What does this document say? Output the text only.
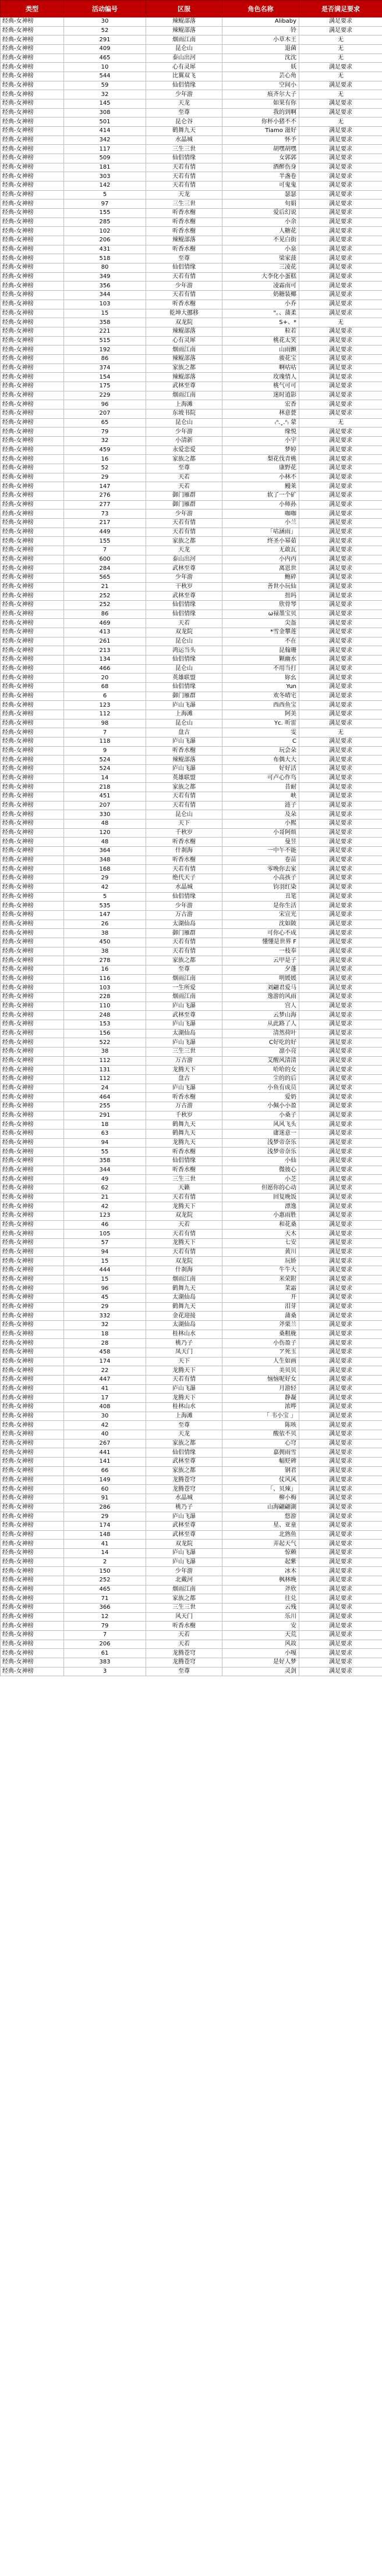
类型	活动编号	区服	角色名称	是否满足要求
经典-女神榜	30	辣鲲部落	Alibaby	满足要求
经典-女神榜	52	辣鲲部落	铃	满足要求
经典-女神榜	291	烟雨江南	小草木王	无
经典-女神榜	409	昆仑山	退菌	无
经典-女神榜	465	泰山出河	沈沈	无
经典-女神榜	10	心有灵犀	妖	满足要求
经典-女神榜	544	比翼双飞	芸心角	无
经典-女神榜	59	仙侣情缘	空间小	满足要求
经典-女神榜	32	少年游	痕齐尔大子	无
经典-女神榜	145	天龙	如果有你	满足要求
经典-女神榜	308	至尊	我的到啊	满足要求
经典-女神榜	501	昆仑谷	你杯小猪不不	无
经典-女神榜	414	鹤舞九天	Tiamo 滋好	满足要求
经典-女神榜	342	水晶城	怀予	满足要求
经典-女神榜	117	三生三世	胡嘿胡嘿	满足要求
经典-女神榜	509	仙侣情缘	女郭郭	满足要求
经典-女神榜	181	天若有情	酒醉伤身	满足要求
经典-女神榜	303	天若有情	半盏卷	满足要求
经典-女神榜	142	天若有情	可鬼鬼	满足要求
经典-女神榜	5	天龙	瑟瑟	满足要求
经典-女神榜	97	三生三世	旬娟	满足要求
经典-女神榜	155	听香水榭	爱后幻说	满足要求
经典-女神榜	285	听香水榭	小余	满足要求
经典-女神榜	102	听香水榭	人糖花	满足要求
经典-女神榜	206	辣鲲部落	不见白街	满足要求
经典-女神榜	431	听香水榭	小泉	满足要求
经典-女神榜	518	至尊	梁家菠	满足要求
经典-女神榜	80	仙侣情缘	三凌花	满足要求
经典-女神榜	349	天若有情	大李化小蛋糕	满足要求
经典-女神榜	356	少年游	凌霜南可	满足要求
经典-女神榜	344	天若有情	奶糖装椰	满足要求
经典-女神榜	103	听香水榭	小乔	满足要求
经典-女神榜	15	乾坤大挪移	"。、蒲柔	满足要求
经典-女神榜	358	双龙院	S+、*	无
经典-女神榜	221	辣鲲部落	粒若	满足要求
经典-女神榜	515	心有灵犀	桃花太笑	满足要求
经典-女神榜	192	烟雨江南	山雨颤	满足要求
经典-女神榜	86	辣鲲部落	骏花宝	满足要求
经典-女神榜	374	家族之都	啊咕咕	满足要求
经典-女神榜	154	辣鲲部落	玫瑰情人	满足要求
经典-女神榜	175	武林至尊	桃气可可	满足要求
经典-女神榜	229	烟雨江南	迷时逍影	满足要求
经典-女神榜	96	上海滩	宏香	满足要求
经典-女神榜	207	东坡书院	林意甍	满足要求
经典-女神榜	65	昆仑山	₍ᐢ.ˬ.ᐢ₎ 蒙	无
经典-女神榜	79	少年游	缘悦	满足要求
经典-女神榜	32	小清新	小宇	满足要求
经典-女神榜	459	永爱恋爱	梦婷	满足要求
经典-女神榜	16	家族之都	梨花伐青桃	满足要求
经典-女神榜	52	至尊	康野花	满足要求
经典-女神榜	29	天若	小林不	满足要求
经典-女神榜	147	天若	鳗莱	满足要求
经典-女神榜	276	御门雁群	软了一个矿	满足要求
经典-女神榜	277	御门雁群	小师孙	满足要求
经典-女神榜	73	少年游	咖咖	满足要求
经典-女神榜	217	天若有情	小兰	满足要求
经典-女神榜	449	天若有情	「咕涵雨」	满足要求
经典-女神榜	155	家族之都	终圣小幂茹	满足要求
经典-女神榜	7	天龙	无敢瓦	满足要求
经典-女神榜	600	泰山出河	小内丙	满足要求
经典-女神榜	284	武林至尊	离恩世	满足要求
经典-女神榜	565	少年游	鲍碎	满足要求
经典-女神榜	21	干秋岁	善世小玩仙	满足要求
经典-女神榜	252	武林至尊	扭吗	满足要求
经典-女神榜	252	仙侣情缘	欣骨琴	满足要求
经典-女神榜	86	仙侣情缘	ω禄墨宝贝	满足要求
经典-女神榜	469	天若	尖盔	满足要求
经典-女神榜	413	双龙院	*雪金攀莲	满足要求
经典-女神榜	261	昆仑山	不在	满足要求
经典-女神榜	213	鸿运当头	昆翰珊	满足要求
经典-女神榜	134	仙侣情缘	颗幽水	满足要求
经典-女神榜	466	昆仑山	不用当打	满足要求
经典-女神榜	20	英雄联盟	妳幺	满足要求
经典-女神榜	68	仙侣情缘	Yun	满足要求
经典-女神榜	6	御门雁群	欢冬晴宅	满足要求
经典-女神榜	123	庐山飞瀑	西西鱼宝	满足要求
经典-女神榜	112	上海滩	阿美	满足要求
经典-女神榜	98	昆仑山	Yc. 听雷	满足要求
经典-女神榜	7	盘古	雯	无
经典-女神榜	118	庐山飞瀑	C	满足要求
经典-女神榜	9	听香水榭	玩会朵	满足要求
经典-女神榜	524	辣鲲部落	布偶大大	满足要求
经典-女神榜	524	庐山飞瀑	好好活	满足要求
经典-女神榜	14	英雄联盟	可卢心作鸟	满足要求
经典-女神榜	218	家族之都	昔耐	满足要求
经典-女神榜	451	天若有情	峡	满足要求
经典-女神榜	207	天若有情	涟子	满足要求
经典-女神榜	330	昆仑山	及朵	满足要求
经典-女神榜	48	天下	小熙	满足要求
经典-女神榜	120	千秋岁	小哥阿烦	满足要求
经典-女神榜	48	听香水榭	曼昱	满足要求
经典-女神榜	364	什刹海	一中午不能	满足要求
经典-女神榜	348	听香水榭	卷苗	满足要求
经典-女神榜	168	天若有情	零晚你去家	满足要求
经典-女神榜	29	绝代天子	小高孩子	满足要求
经典-女神榜	42	水晶城	钧羽红染	满足要求
经典-女神榜	5	仙侣情缘	丑笔	满足要求
经典-女神榜	535	少年游	是你生活	满足要求
经典-女神榜	147	万古游	宋宣光	满足要求
经典-女神榜	26	太湖仙岛	沈如陂	满足要求
经典-女神榜	38	御门雁群	可你心不成	满足要求
经典-女神榜	450	天若有情	懂懂是世界 F	满足要求
经典-女神榜	38	天若有情	一枝奉	满足要求
经典-女神榜	278	家族之都	云甲是子	满足要求
经典-女神榜	16	至尊	夕蓬	满足要求
经典-女神榜	116	烟雨江南	明媛媛	满足要求
经典-女神榜	103	一生所爱	刘翩君爱马	满足要求
经典-女神榜	228	烟雨江南	逸游的风雨	满足要求
经典-女神榜	110	庐山飞瀑	宫人	满足要求
经典-女神榜	248	武林至尊	云梦山海	满足要求
经典-女神榜	153	庐山飞瀑	从此路了人	满足要求
经典-女神榜	156	太湖仙岛	清然荷叶	满足要求
经典-女神榜	522	庐山飞瀑	C好吃的好	满足要求
经典-女神榜	38	三生三世	凛小亮	满足要求
经典-女神榜	112	万古游	艾醒风清清	满足要求
经典-女神榜	131	龙腾天下	哈哈的女	满足要求
经典-女神榜	112	盘古	尘的的后	满足要求
经典-女神榜	24	庐山飞瀑	小鱼有成员	满足要求
经典-女神榜	464	听香水榭	爱奶	满足要求
经典-女神榜	255	万古游	小佩小小盈	满足要求
经典-女神榜	291	千秋岁	小桑子	满足要求
经典-女神榜	18	鹤舞九天	风风飞头	满足要求
经典-女神榜	63	鹤舞九天	庸迷意一	满足要求
经典-女神榜	94	龙腾九天	浅梦帝奈乐	满足要求
经典-女神榜	55	听香水榭	浅梦帝奈乐	满足要求
经典-女神榜	358	仙侣情缘	小仙	满足要求
经典-女神榜	344	听香水榭	微彼心	满足要求
经典-女神榜	49	三生三世	小芝	满足要求
经典-女神榜	62	天籁	但愿你的心动	满足要求
经典-女神榜	21	天若有情	回复晚饭	满足要求
经典-女神榜	42	龙腾天下	漂逸	满足要求
经典-女神榜	123	双龙院	小惠雨胜	满足要求
经典-女神榜	46	天若	和花桑	满足要求
经典-女神榜	105	天若有情	天木	满足要求
经典-女神榜	57	龙腾天下	七安	满足要求
经典-女神榜	94	天若有情	黄川	满足要求
经典-女神榜	15	双龙院	玩娇	满足要求
经典-女神榜	444	什刹海	牛牛大	满足要求
经典-女神榜	15	烟雨江南	米荣附	满足要求
经典-女神榜	96	鹤舞九天	茉霜	满足要求
经典-女神榜	45	太湖仙岛	开	满足要求
经典-女神榜	29	鹤舞九天	泪芽	满足要求
经典-女神榜	332	金花迎接	蒲桑	满足要求
经典-女神榜	32	太湖仙岛	斧栗兰	满足要求
经典-女神榜	18	桂林山水	桑粗栊	满足要求
经典-女神榜	28	桃乃子	小伤盈子	满足要求
经典-女神榜	458	凤天门	ア死玉	满足要求
经典-女神榜	174	天下	人生如画	满足要求
经典-女神榜	22	龙腾天下	美贝贝	满足要求
经典-女神榜	447	天若有情	恼恼呢好女	满足要求
经典-女神榜	41	庐山飞瀑	月游轻	满足要求
经典-女神榜	17	龙腾天下	静凝	满足要求
经典-女神榜	408	桂林山水	浓哗	满足要求
经典-女神榜	30	上海滩	「 韦小宝 」	满足要求
经典-女神榜	42	至尊	陈咳	满足要求
经典-女神榜	40	天龙	酸依不贝	满足要求
经典-女神榜	267	家族之都	心穹	满足要求
经典-女神榜	441	仙侣情缘	嘉拥雨雪	满足要求
经典-女神榜	141	武林至尊	幅贬碑	满足要求
经典-女神榜	66	家族之都	钢君	满足要求
经典-女神榜	149	龙腾苍穹	仗风风	满足要求
经典-女神榜	60	龙腾苍穹	「、贝辣」	满足要求
经典-女神榜	91	水晶城	柳小梅	满足要求
经典-女神榜	286	桃乃子	山海翩翩湖	满足要求
经典-女神榜	29	庐山飞瀑	悠游	满足要求
经典-女神榜	174	武林至尊	星、亚童	满足要求
经典-女神榜	148	武林至尊	北熟鱼	满足要求
经典-女神榜	41	双龙院	弄起天气	满足要求
经典-女神榜	14	庐山飞瀑	惊赖	满足要求
经典-女神榜	2	庐山飞瀑	起紫	满足要求
经典-女神榜	150	少年游	冰木	满足要求
经典-女神榜	252	北戴河	枫林晚	满足要求
经典-女神榜	465	烟雨江南	斧欣	满足要求
经典-女神榜	71	家族之都	往兑	满足要求
经典-女神榜	366	三生三世	云残	满足要求
经典-女神榜	12	风天门	乐川	满足要求
经典-女神榜	79	听香水榭	安	满足要求
经典-女神榜	7	天若	天荒	满足要求
经典-女神榜	206	天若	风故	满足要求
经典-女神榜	61	龙腾苍穹	小嘎	满足要求
经典-女神榜	383	龙腾苍穹	是好人梦	满足要求
经典-女神榜	3	至尊	灵剑	满足要求
